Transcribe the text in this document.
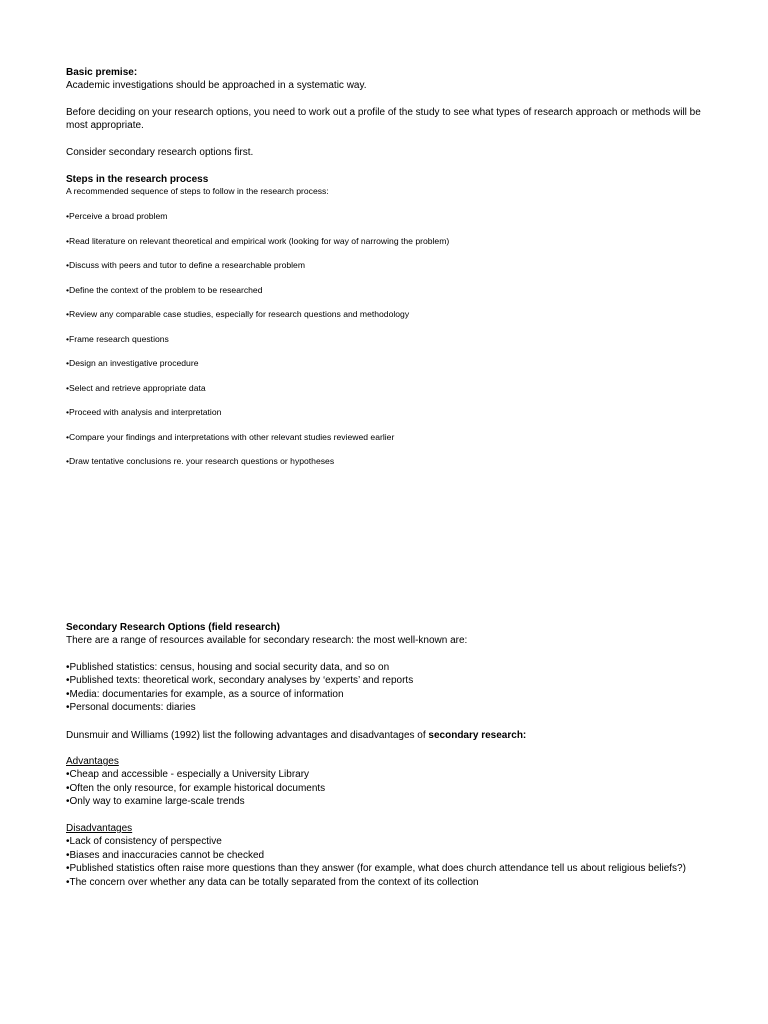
Basic premise:
Academic investigations should be approached in a systematic way.
Before deciding on your research options, you need to work out a profile of the study to see what types of research approach or methods will be most appropriate.
Consider secondary research options first.
Steps in the research process
A recommended sequence of steps to follow in the research process:
•Perceive a broad problem
•Read literature on relevant theoretical and empirical work (looking for way of narrowing the problem)
•Discuss with peers and tutor to define a researchable problem
•Define the context of the problem to be researched
•Review any comparable case studies, especially for research questions and methodology
•Frame research questions
•Design an investigative procedure
•Select and retrieve appropriate data
•Proceed with analysis and interpretation
•Compare your findings and interpretations with other relevant studies reviewed earlier
•Draw tentative conclusions re. your research questions or hypotheses
Secondary Research Options (field research)
There are a range of resources available for secondary research: the most well-known are:
•Published statistics: census, housing and social security data, and so on
•Published texts: theoretical work, secondary analyses by ‘experts’ and reports
•Media: documentaries for example, as a source of information
•Personal documents: diaries
Dunsmuir and Williams (1992) list the following advantages and disadvantages of secondary research:
Advantages
•Cheap and accessible - especially a University Library
•Often the only resource, for example historical documents
•Only way to examine large-scale trends
Disadvantages
•Lack of consistency of perspective
•Biases and inaccuracies cannot be checked
•Published statistics often raise more questions than they answer (for example, what does church attendance tell us about religious beliefs?)
•The concern over whether any data can be totally separated from the context of its collection
